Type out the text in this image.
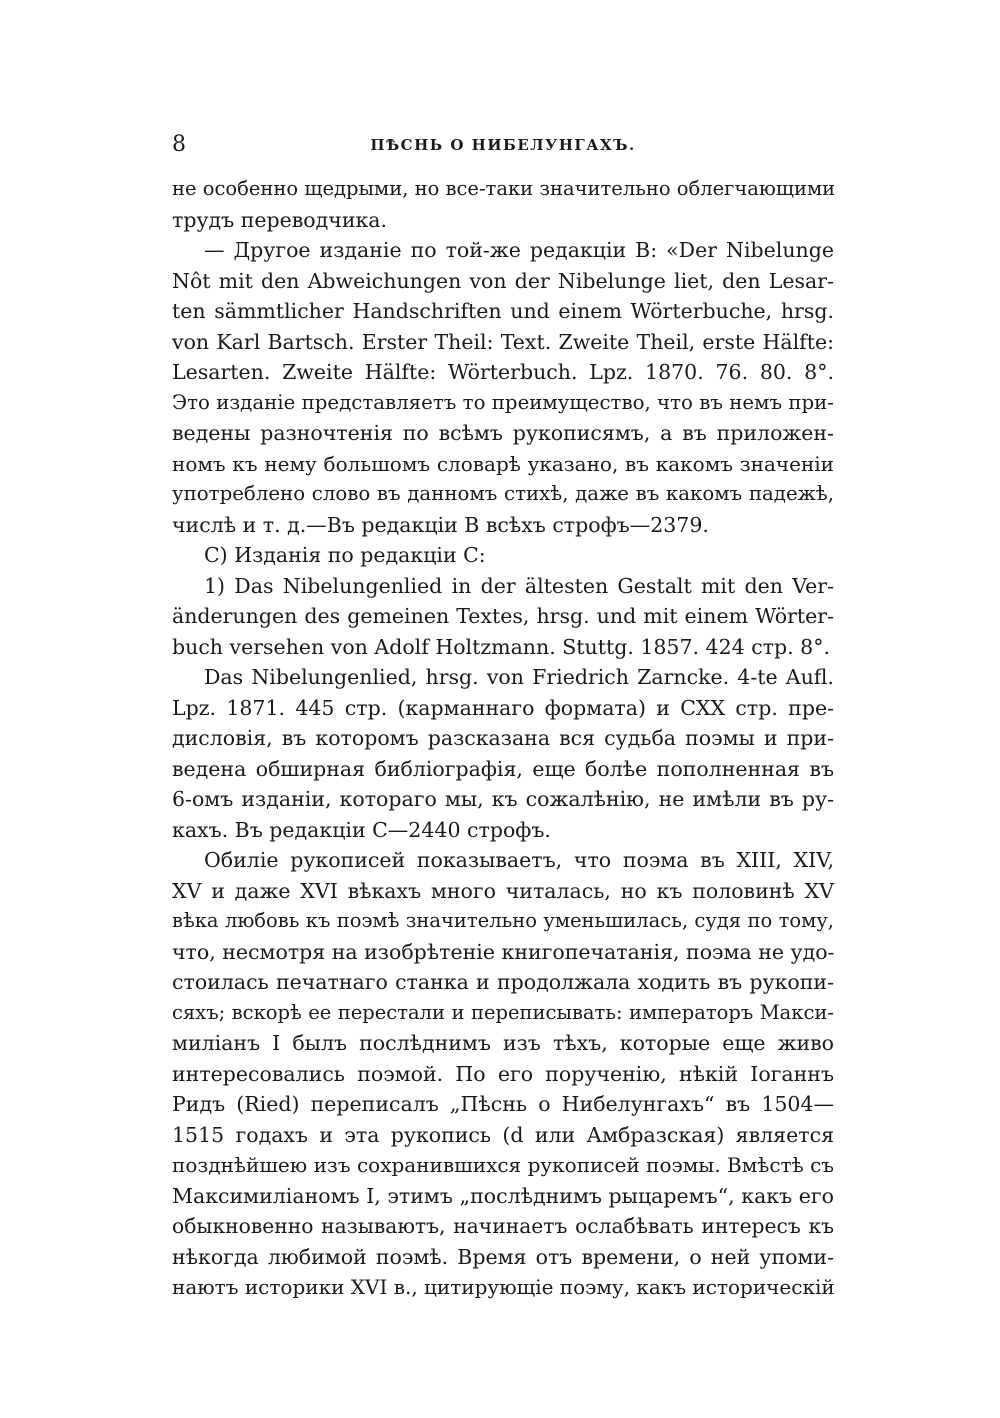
8	ПѢСНЬ О НИБЕЛУНГАХЪ.
не особенно щедрыми, но все-таки значительно облегчающими
трудъ переводчика.
— Другое изданіе по той-же редакціи B: «Der Nibelunge
Nôt mit den Abweichungen von der Nibelunge liet, den Lesar-
ten sämmtlicher Handschriften und einem Wörterbuche, hrsg.
von Karl Bartsch. Erster Theil: Text. Zweite Theil, erste Hälfte:
Lesarten. Zweite Hälfte: Wörterbuch. Lpz. 1870. 76. 80. 8°.
Это изданіе представляетъ то преимущество, что въ немъ при-
ведены разночтенія по всѣмъ рукописямъ, а въ приложен-
номъ къ нему большомъ словарѣ указано, въ какомъ значеніи
употреблено слово въ данномъ стихѣ, даже въ какомъ падежѣ,
числѣ и т. д.—Въ редакціи B всѣхъ строфъ—2379.
C) Изданія по редакціи C:
1) Das Nibelungenlied in der ältesten Gestalt mit den Ver-
änderungen des gemeinen Textes, hrsg. und mit einem Wörter-
buch versehen von Adolf Holtzmann. Stuttg. 1857. 424 стр. 8°.
Das Nibelungenlied, hrsg. von Friedrich Zarncke. 4-te Aufl.
Lpz. 1871. 445 стр. (карманнаго формата) и CXX стр. пре-
дисловія, въ которомъ разсказана вся судьба поэмы и при-
ведена обширная библіографія, еще болѣе пополненная въ
6-омъ изданіи, котораго мы, къ сожалѣнію, не имѣли въ ру-
кахъ. Въ редакціи C—2440 строфъ.
Обиліе рукописей показываетъ, что поэма въ XIII, XIV,
XV и даже XVI вѣкахъ много читалась, но къ половинѣ XV
вѣка любовь къ поэмѣ значительно уменьшилась, судя по тому,
что, несмотря на изобрѣтеніе книгопечатанія, поэма не удо-
стоилась печатнаго станка и продолжала ходить въ рукопи-
сяхъ; вскорѣ ее перестали и переписывать: императоръ Макси-
миліанъ I былъ послѣднимъ изъ тѣхъ, которые еще живо
интересовались поэмой. По его порученію, нѣкій Іоганнъ
Ридъ (Ried) переписалъ „Пѣснь о Нибелунгахъ“ въ 1504—
1515 годахъ и эта рукопись (d или Амбразская) является
позднѣйшею изъ сохранившихся рукописей поэмы. Вмѣстѣ съ
Максимиліаномъ I, этимъ „послѣднимъ рыцаремъ“, какъ его
обыкновенно называютъ, начинаетъ ослабѣвать интересъ къ
нѣкогда любимой поэмѣ. Время отъ времени, о ней упоми-
наютъ историки XVI в., цитирующіе поэму, какъ историческій
